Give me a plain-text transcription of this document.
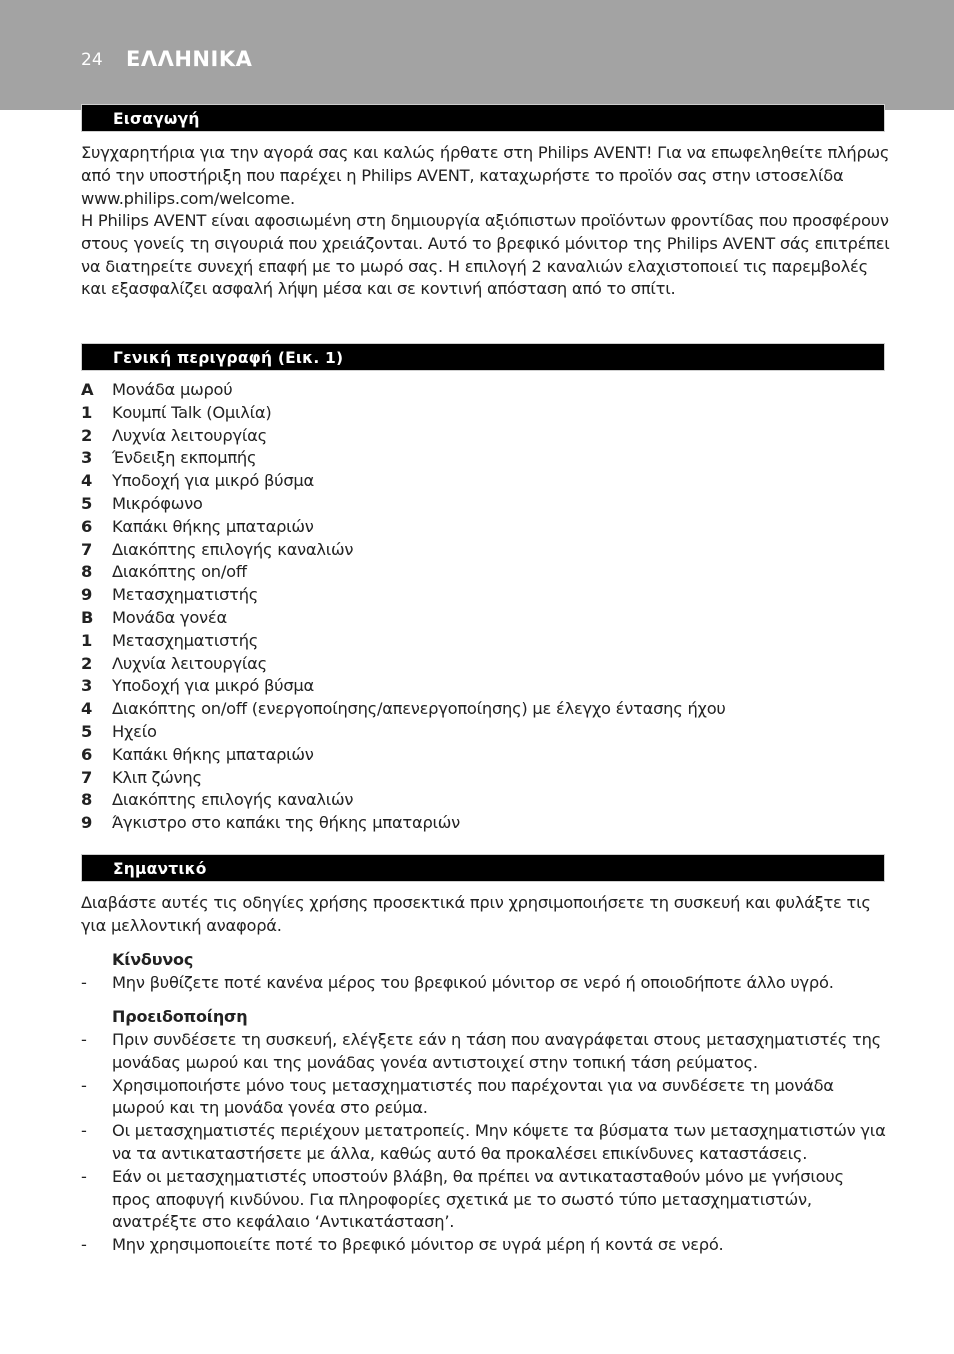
24 ΕΛΛΗΝΙΚΑ
Εισαγωγή

Συγχαρητήρια για την αγορά σας και καλώς ήρθατε στη Philips AVENT! Για να επωφεληθείτε πλήρως από την υποστήριξη που παρέχει η Philips AVENT, καταχωρήστε το προϊόν σας στην ιστοσελίδα www.philips.com/welcome.

Η Philips AVENT είναι αφοσιωμένη στη δημιουργία αξιόπιστων προϊόντων φροντίδας που προσφέρουν στους γονείς τη σιγουριά που χρειάζονται. Αυτό το βρεφικό μόνιτορ της Philips AVENT σάς επιτρέπει να διατηρείτε συνεχή επαφή με το μωρό σας. Η επιλογή 2 καναλιών ελαχιστοποιεί τις παρεμβολές και εξασφαλίζει ασφαλή λήψη μέσα και σε κοντινή απόσταση από το σπίτι.

Γενική περιγραφή (Εικ. 1)
A	Μονάδα μωρού
1	Κουμπί Talk (Ομιλία)
2	Λυχνία λειτουργίας
3	Ένδειξη εκπομπής
4	Υποδοχή για μικρό βύσμα
5	Μικρόφωνο
6	Καπάκι θήκης μπαταριών
7	Διακόπτης επιλογής καναλιών
8	Διακόπτης on/off
9	Μετασχηματιστής
B	Μονάδα γονέα
1	Μετασχηματιστής
2	Λυχνία λειτουργίας
3	Υποδοχή για μικρό βύσμα
4	Διακόπτης on/off (ενεργοποίησης/απενεργοποίησης) με έλεγχο έντασης ήχου
5	Ηχείο
6	Καπάκι θήκης μπαταριών
7	Κλιπ ζώνης
8	Διακόπτης επιλογής καναλιών
9	Άγκιστρο στο καπάκι της θήκης μπαταριών
Σημαντικό

Διαβάστε αυτές τις οδηγίες χρήσης προσεκτικά πριν χρησιμοποιήσετε τη συσκευή και φυλάξτε τις για μελλοντική αναφορά.

Κίνδυνος
-	Μην βυθίζετε ποτέ κανένα μέρος του βρεφικού μόνιτορ σε νερό ή οποιοδήποτε άλλο υγρό.
Προειδοποίηση
-	Πριν συνδέσετε τη συσκευή, ελέγξετε εάν η τάση που αναγράφεται στους μετασχηματιστές της μονάδας μωρού και της μονάδας γονέα αντιστοιχεί στην τοπική τάση ρεύματος.
-	Χρησιμοποιήστε μόνο τους μετασχηματιστές που παρέχονται για να συνδέσετε τη μονάδα μωρού και τη μονάδα γονέα στο ρεύμα.
-	Οι μετασχηματιστές περιέχουν μετατροπείς. Μην κόψετε τα βύσματα των μετασχηματιστών για να τα αντικαταστήσετε με άλλα, καθώς αυτό θα προκαλέσει επικίνδυνες καταστάσεις.
-	Εάν οι μετασχηματιστές υποστούν βλάβη, θα πρέπει να αντικατασταθούν μόνο με γνήσιους προς αποφυγή κινδύνου. Για πληροφορίες σχετικά με το σωστό τύπο μετασχηματιστών, ανατρέξτε στο κεφάλαιο ‘Αντικατάσταση’.
-	Μην χρησιμοποιείτε ποτέ το βρεφικό μόνιτορ σε υγρά μέρη ή κοντά σε νερό.
